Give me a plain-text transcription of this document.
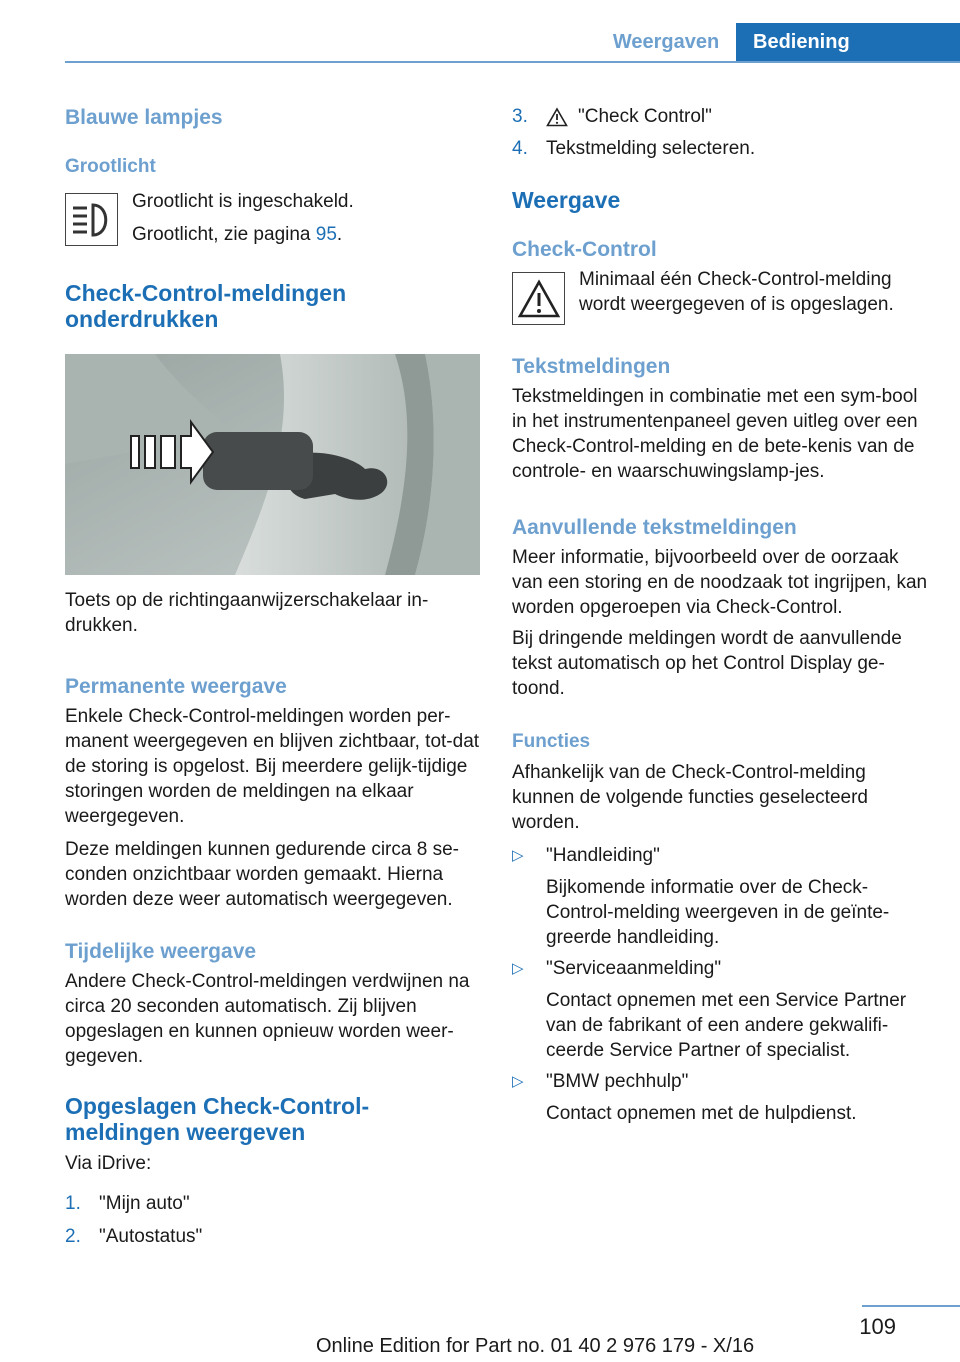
Weergaven	Bediening
Blauwe lampjes
Grootlicht

Grootlicht is ingeschakeld.

Grootlicht, zie pagina 95.

Check-Control-meldingen
onderdrukken

Toets op de richtingaanwijzerschakelaar in-drukken.

Permanente weergave

Enkele Check-Control-meldingen worden per-manent weergegeven en blijven zichtbaar, tot-dat de storing is opgelost. Bij meerdere gelijk-tijdige storingen worden de meldingen na elkaar weergegeven.

Deze meldingen kunnen gedurende circa 8 se-conden onzichtbaar worden gemaakt. Hierna worden deze weer automatisch weergegeven.

Tijdelijke weergave

Andere Check-Control-meldingen verdwijnen na circa 20 seconden automatisch. Zij blijven opgeslagen en kunnen opnieuw worden weer-gegeven.

Opgeslagen Check-Control-
meldingen weergeven

Via iDrive:

1. "Mijn auto"
2. "Autostatus"
3.	"Check Control"
4. Tekstmelding selecteren.
Weergave
Check-Control

Minimaal één Check-Control-melding

wordt weergegeven of is opgeslagen.

Tekstmeldingen

Tekstmeldingen in combinatie met een sym-bool in het instrumentenpaneel geven uitleg over een Check-Control-melding en de bete-kenis van de controle- en waarschuwingslamp-jes.

Aanvullende tekstmeldingen

Meer informatie, bijvoorbeeld over de oorzaak van een storing en de noodzaak tot ingrijpen, kan worden opgeroepen via Check-Control.

Bij dringende meldingen wordt de aanvullende tekst automatisch op het Control Display ge-toond.

Functies

Afhankelijk van de Check-Control-melding kunnen de volgende functies geselecteerd worden.

▷	"Handleiding"
Bijkomende informatie over de Check-Control-melding weergeven in de geïnte-greerde handleiding.
▷	"Serviceaanmelding"
Contact opnemen met een Service Partner van de fabrikant of een andere gekwalifi-ceerde Service Partner of specialist.
▷	"BMW pechhulp"
Contact opnemen met de hulpdienst.
109
Online Edition for Part no. 01 40 2 976 179 - X/16
